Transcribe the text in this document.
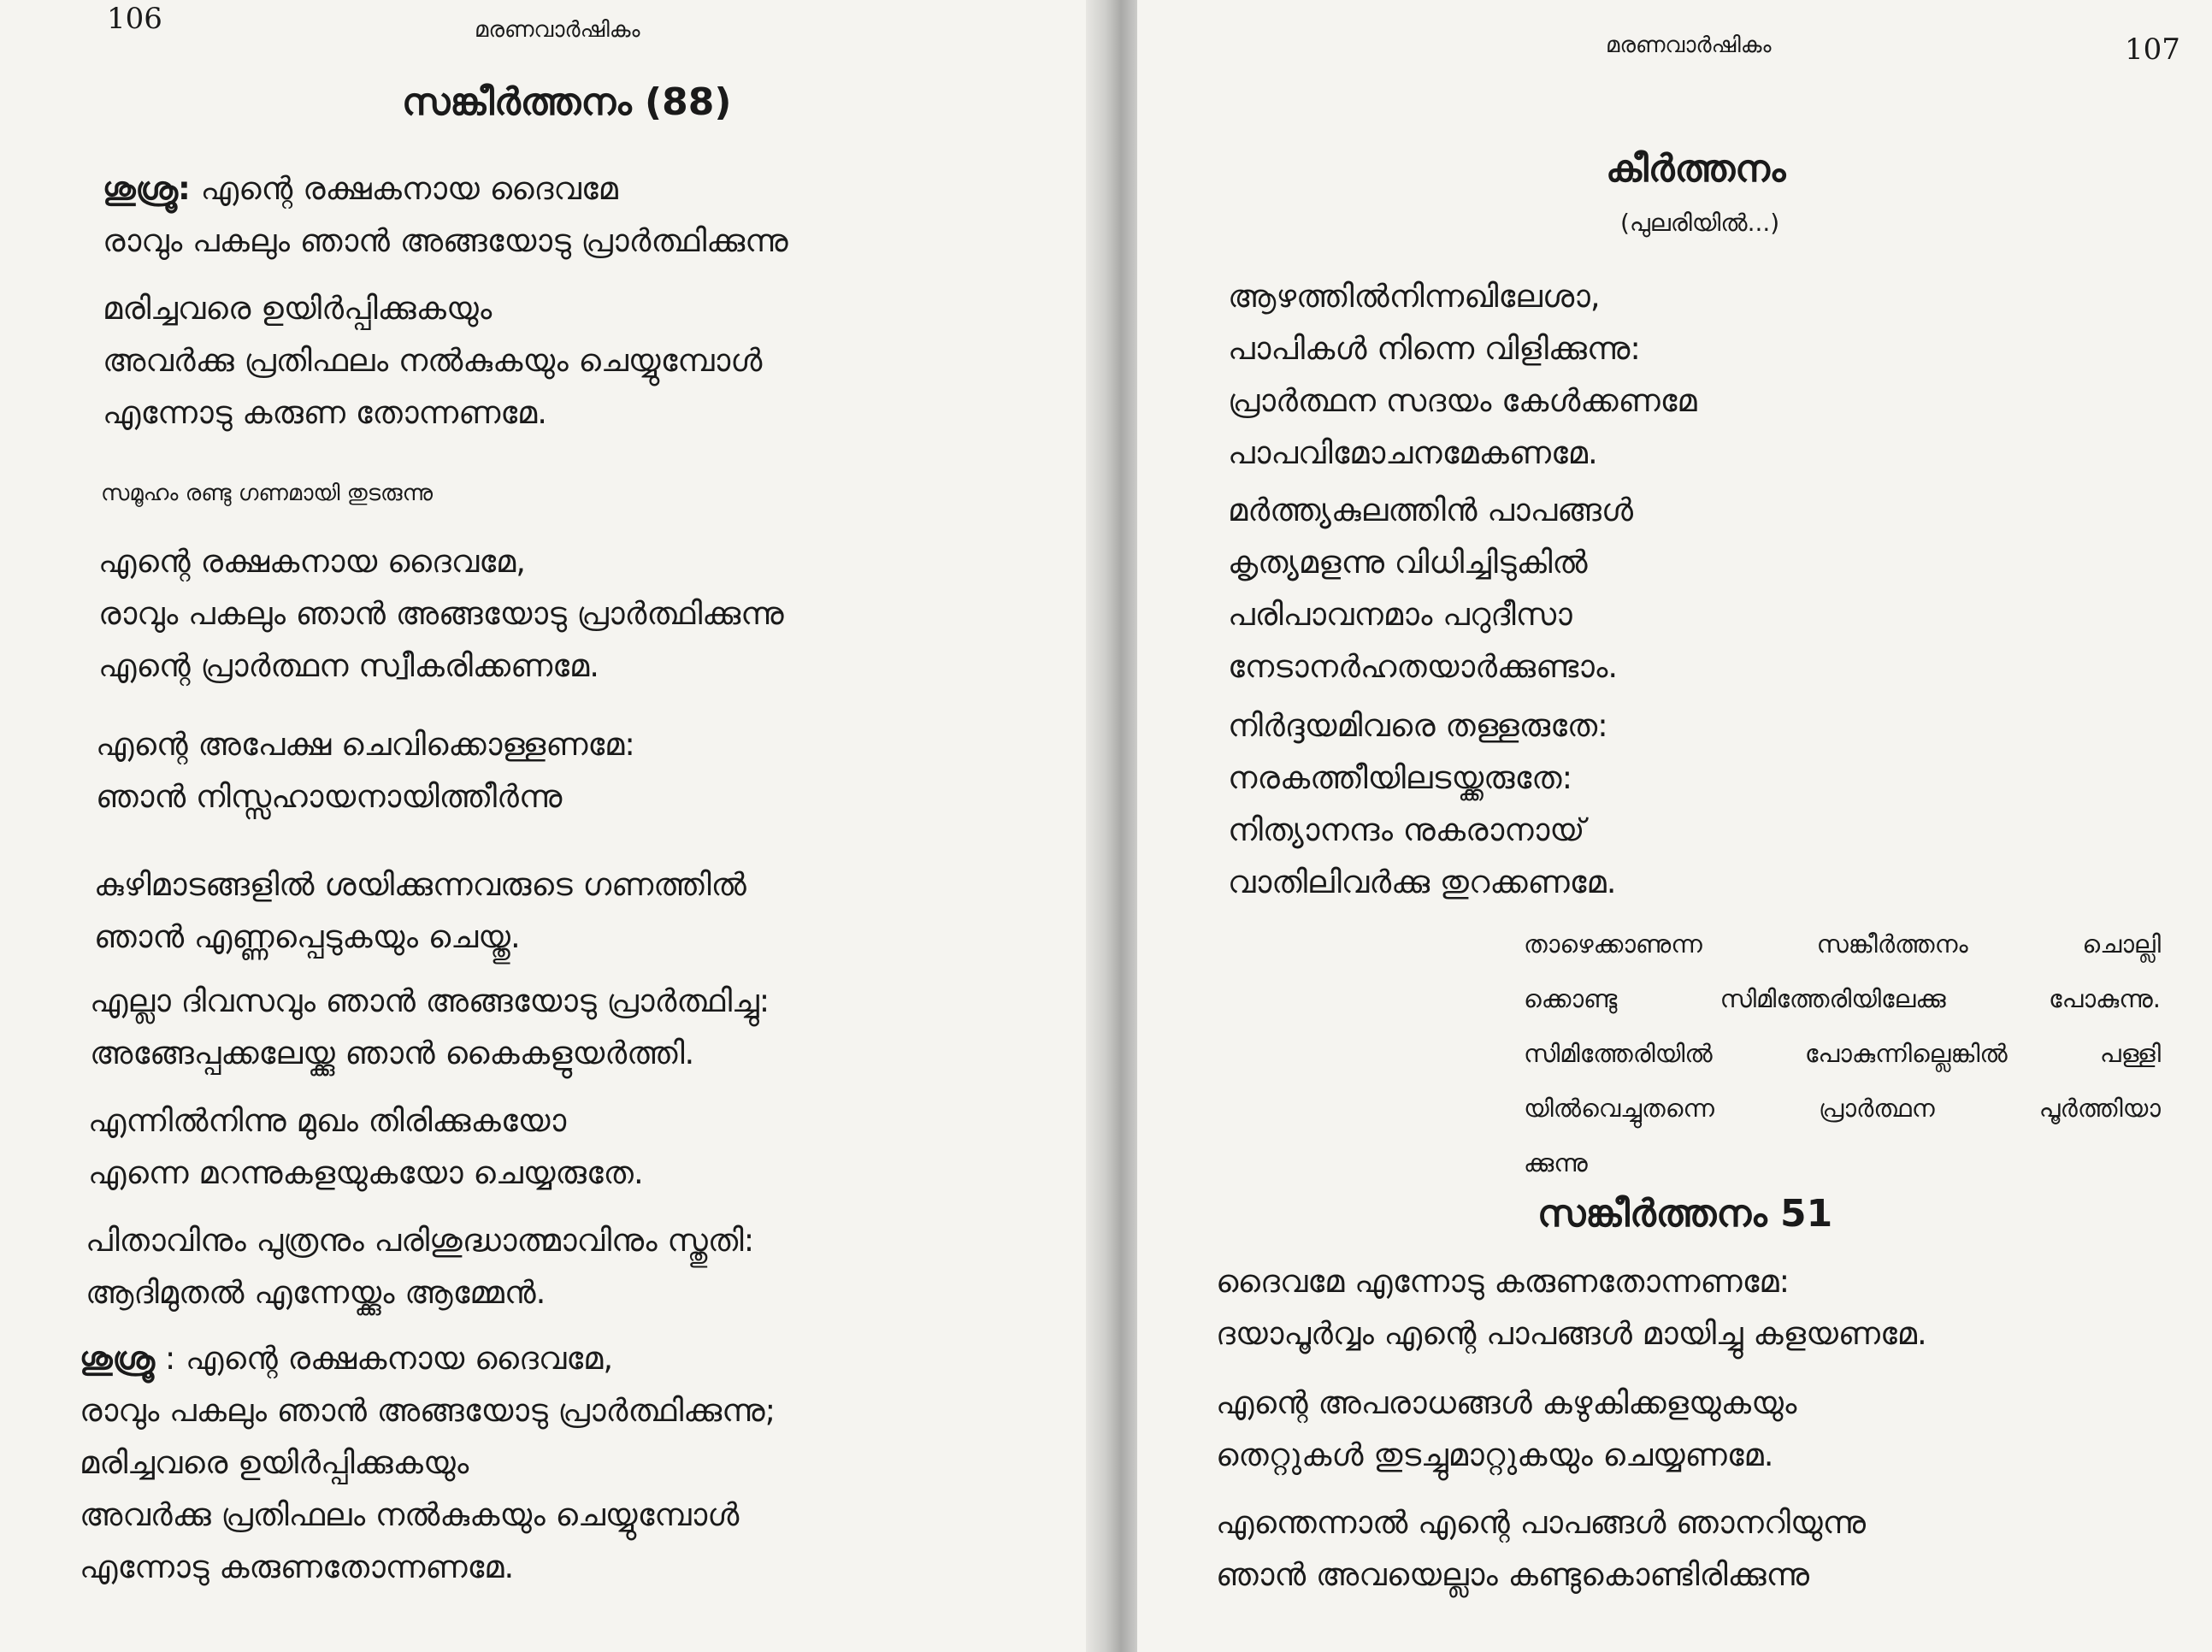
106	മരണവാർഷികം
സങ്കീർത്തനം (88)
ശുശ്രൂ: എന്റെ രക്ഷകനായ ദൈവമേ
രാവും പകലും ഞാൻ അങ്ങയോടു പ്രാർത്ഥിക്കുന്നു
മരിച്ചവരെ ഉയിർപ്പിക്കുകയും
അവർക്കു പ്രതിഫലം നൽകുകയും ചെയ്യുമ്പോൾ
എന്നോടു കരുണ തോന്നണമേ.
സമൂഹം രണ്ടു ഗണമായി തുടരുന്നു
എന്റെ രക്ഷകനായ ദൈവമേ,
രാവും പകലും ഞാൻ അങ്ങയോടു പ്രാർത്ഥിക്കുന്നു
എന്റെ പ്രാർത്ഥന സ്വീകരിക്കണമേ.
എന്റെ അപേക്ഷ ചെവിക്കൊള്ളണമേ:
ഞാൻ നിസ്സഹായനായിത്തീർന്നു
കുഴിമാടങ്ങളിൽ ശയിക്കുന്നവരുടെ ഗണത്തിൽ
ഞാൻ എണ്ണപ്പെടുകയും ചെയ്തു.
എല്ലാ ദിവസവും ഞാൻ അങ്ങയോടു പ്രാർത്ഥിച്ചു:
അങ്ങേപ്പക്കലേയ്ക്കു ഞാൻ കൈകളുയർത്തി.
എന്നിൽനിന്നു മുഖം തിരിക്കുകയോ
എന്നെ മറന്നുകളയുകയോ ചെയ്യരുതേ.
പിതാവിനും പുത്രനും പരിശുദ്ധാത്മാവിനും സ്തുതി:
ആദിമുതൽ എന്നേയ്ക്കും ആമ്മേൻ.
ശുശ്രൂ : എന്റെ രക്ഷകനായ ദൈവമേ,
രാവും പകലും ഞാൻ അങ്ങയോടു പ്രാർത്ഥിക്കുന്നു;
മരിച്ചവരെ ഉയിർപ്പിക്കുകയും
അവർക്കു പ്രതിഫലം നൽകുകയും ചെയ്യുമ്പോൾ
എന്നോടു കരുണതോന്നണമേ.
മരണവാർഷികം	107
കീർത്തനം
(പുലരിയിൽ...)
ആഴത്തിൽനിന്നഖിലേശാ,
പാപികൾ നിന്നെ വിളിക്കുന്നു:
പ്രാർത്ഥന സദയം കേൾക്കണമേ
പാപവിമോചനമേകണമേ.
മർത്ത്യകുലത്തിൻ പാപങ്ങൾ
കൃത്യമളന്നു വിധിച്ചിടുകിൽ
പരിപാവനമാം പറുദീസാ
നേടാനർഹതയാർക്കുണ്ടാം.
നിർദ്ദയമിവരെ തള്ളരുതേ:
നരകത്തീയിലടയ്ക്കരുതേ:
നിത്യാനന്ദം നുകരാനായ്
വാതിലിവർക്കു തുറക്കണമേ.
താഴെക്കാണുന്ന സങ്കീർത്തനം ചൊല്ലി
ക്കൊണ്ടു സിമിത്തേരിയിലേക്കു പോകുന്നു.
സിമിത്തേരിയിൽ പോകുന്നില്ലെങ്കിൽ പള്ളി
യിൽവെച്ചുതന്നെ പ്രാർത്ഥന പൂർത്തിയാ
ക്കുന്നു
സങ്കീർത്തനം 51
ദൈവമേ എന്നോടു കരുണതോന്നണമേ:
ദയാപൂർവ്വം എന്റെ പാപങ്ങൾ മായിച്ചു കളയണമേ.
എന്റെ അപരാധങ്ങൾ കഴുകിക്കളയുകയും
തെറ്റുകൾ തുടച്ചുമാറ്റുകയും ചെയ്യണമേ.
എന്തെന്നാൽ എന്റെ പാപങ്ങൾ ഞാനറിയുന്നു
ഞാൻ അവയെല്ലാം കണ്ടുകൊണ്ടിരിക്കുന്നു
